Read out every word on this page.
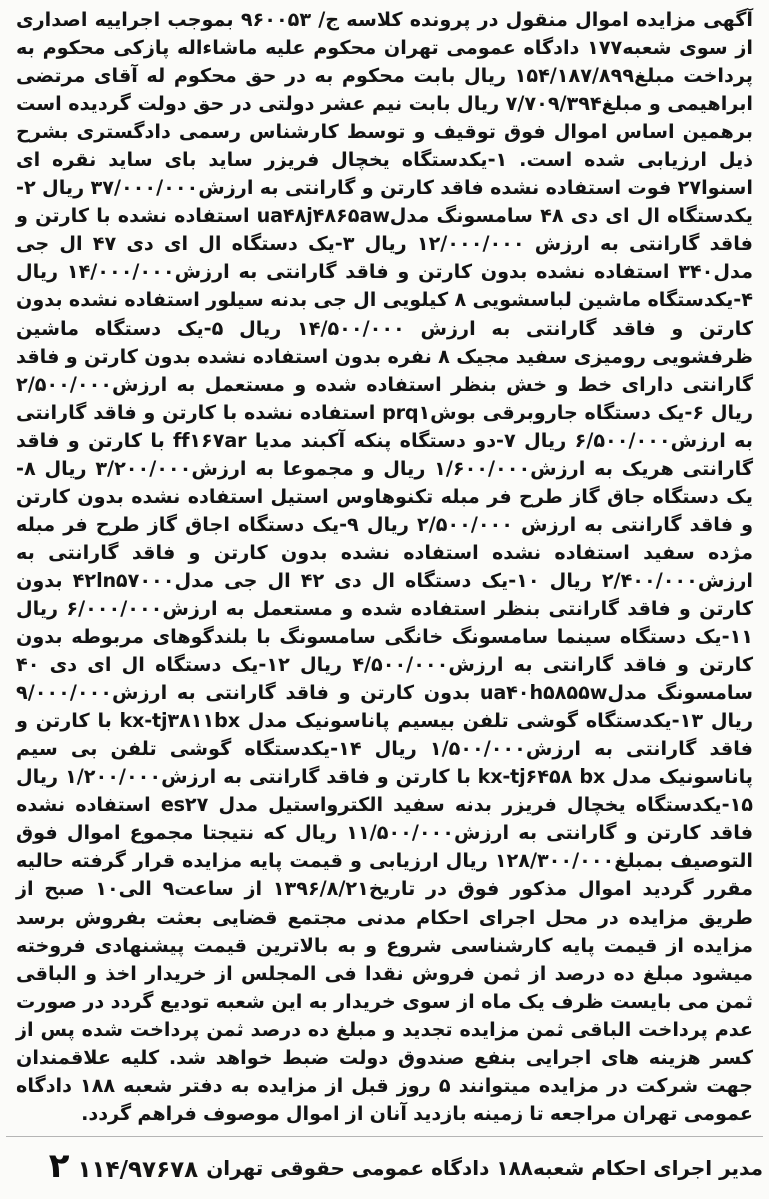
آگهی مزایده اموال منقول در پرونده کلاسه ج/ ۹۶۰۰۵۳ بموجب اجراییه اصداری از سوی شعبه۱۷۷ دادگاه عمومی تهران محکوم علیه ماشاءاله پازکی محکوم به پرداخت مبلغ۱۵۴/۱۸۷/۸۹۹ ریال بابت محکوم به در حق محکوم له آقای مرتضی ابراهیمی و مبلغ۷/۷۰۹/۳۹۴ ریال بابت نیم عشر دولتی در حق دولت گردیده است برهمین اساس اموال فوق توقیف و توسط کارشناس رسمی دادگستری بشرح ذیل ارزیابی شده است. ۱-یکدستگاه یخچال فریزر ساید بای ساید نقره ای اسنوا۲۷ فوت استفاده نشده فاقد کارتن و گارانتی به ارزش۳۷/۰۰۰/۰۰۰ ریال ۲-یکدستگاه ال ای دی ۴۸ سامسونگ مدلua۴۸j۴۸۶۵aw استفاده نشده با کارتن و فاقد گارانتی به ارزش ۱۲/۰۰۰/۰۰۰ ریال ۳-یک دستگاه ال ای دی ۴۷ ال جی مدل۳۴۰ استفاده نشده بدون کارتن و فاقد گارانتی به ارزش۱۴/۰۰۰/۰۰۰ ریال ۴-یکدستگاه ماشین لباسشویی ۸ کیلویی ال جی بدنه سیلور استفاده نشده بدون کارتن و فاقد گارانتی به ارزش ۱۴/۵۰۰/۰۰۰ ریال ۵-یک دستگاه ماشین ظرفشویی رومیزی سفید مجیک ۸ نفره بدون استفاده نشده بدون کارتن و فاقد گارانتی دارای خط و خش بنظر استفاده شده و مستعمل به ارزش۲/۵۰۰/۰۰۰ ریال ۶-یک دستگاه جاروبرقی بوشprq۱ استفاده نشده با کارتن و فاقد گارانتی به ارزش۶/۵۰۰/۰۰۰ ریال ۷-دو دستگاه پنکه آکبند مدیا ff۱۶۷ar با کارتن و فاقد گارانتی هریک به ارزش۱/۶۰۰/۰۰۰ ریال و مجموعا به ارزش۳/۲۰۰/۰۰۰ ریال ۸-یک دستگاه جاق گاز طرح فر مبله تکنوهاوس استیل استفاده نشده بدون کارتن و فاقد گارانتی به ارزش ۲/۵۰۰/۰۰۰ ریال ۹-یک دستگاه اجاق گاز طرح فر مبله مژده سفید استفاده نشده استفاده نشده بدون کارتن و فاقد گارانتی به ارزش۲/۴۰۰/۰۰۰ ریال ۱۰-یک دستگاه ال دی ۴۲ ال جی مدل۴۲ln۵۷۰۰۰ بدون کارتن و فاقد گارانتی بنظر استفاده شده و مستعمل به ارزش۶/۰۰۰/۰۰۰ ریال ۱۱-یک دستگاه سینما سامسونگ خانگی سامسونگ با بلندگوهای مربوطه بدون کارتن و فاقد گارانتی به ارزش۴/۵۰۰/۰۰۰ ریال ۱۲-یک دستگاه ال ای دی ۴۰ سامسونگ مدلua۴۰h۵۸۵۵w بدون کارتن و فاقد گارانتی به ارزش۹/۰۰۰/۰۰۰ ریال ۱۳-یکدستگاه گوشی تلفن بیسیم پاناسونیک مدل kx-tj۳۸۱۱bx با کارتن و فاقد گارانتی به ارزش۱/۵۰۰/۰۰۰ ریال ۱۴-یکدستگاه گوشی تلفن بی سیم پاناسونیک مدل kx-tj۶۴۵۸ bx با کارتن و فاقد گارانتی به ارزش۱/۲۰۰/۰۰۰ ریال ۱۵-یکدستگاه یخچال فریزر بدنه سفید الکترواستیل مدل es۲۷ استفاده نشده فاقد کارتن و گارانتی به ارزش۱۱/۵۰۰/۰۰۰ ریال که نتیجتا مجموع اموال فوق التوصیف بمبلغ۱۲۸/۳۰۰/۰۰۰ ریال ارزیابی و قیمت پایه مزایده قرار گرفته حالیه مقرر گردید اموال مذکور فوق در تاریخ۱۳۹۶/۸/۲۱ از ساعت۹ الی۱۰ صبح از طریق مزایده در محل اجرای احکام مدنی مجتمع قضایی بعثت بفروش برسد مزایده از قیمت پایه کارشناسی شروع و به بالاترین قیمت پیشنهادی فروخته میشود مبلغ ده درصد از ثمن فروش نقدا فی المجلس از خریدار اخذ و الباقی ثمن می بایست ظرف یک ماه از سوی خریدار به این شعبه تودیع گردد در صورت عدم پرداخت الباقی ثمن مزایده تجدید و مبلغ ده درصد ثمن پرداخت شده پس از کسر هزینه های اجرایی بنفع صندوق دولت ضبط خواهد شد. کلیه علاقمندان جهت شرکت در مزایده میتوانند ۵ روز قبل از مزایده به دفتر شعبه ۱۸۸ دادگاه عمومی تهران مراجعه تا زمینه بازدید آنان از اموال موصوف فراهم گردد.

مدیر اجرای احکام شعبه۱۸۸ دادگاه عمومی حقوقی تهران
۲ ۱۱۴/۹۷۶۷۸
